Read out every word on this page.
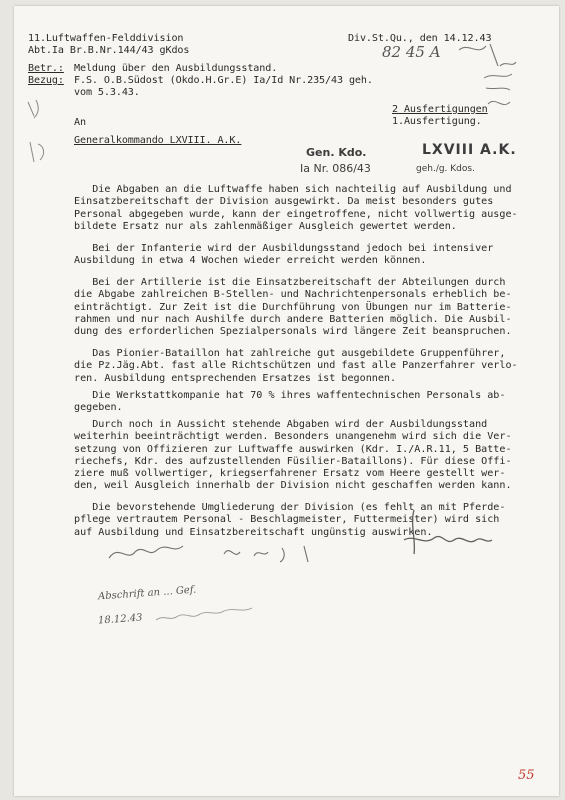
11.Luftwaffen-Felddivision
Abt.Ia Br.B.Nr.144/43 gKdos
Div.St.Qu., den 14.12.43
Betr.: Meldung über den Ausbildungsstand.
Bezug: F.S. O.B.Südost (Okdo.H.Gr.E) Ia/Id Nr.235/43 geh.
vom 5.3.43.
2 Ausfertigungen
1.Ausfertigung.
An
Generalkommando LXVIII. A.K.
Gen. Kdo.	LXVIII A.K.
Ia Nr. 086/43	geh./g. Kdos.
Die Abgaben an die Luftwaffe haben sich nachteilig auf Ausbildung und
Einsatzbereitschaft der Division ausgewirkt. Da meist besonders gutes
Personal abgegeben wurde, kann der eingetroffene, nicht vollwertig ausge-
bildete Ersatz nur als zahlenmäßiger Ausgleich gewertet werden.
Bei der Infanterie wird der Ausbildungsstand jedoch bei intensiver
Ausbildung in etwa 4 Wochen wieder erreicht werden können.
Bei der Artillerie ist die Einsatzbereitschaft der Abteilungen durch
die Abgabe zahlreichen B-Stellen- und Nachrichtenpersonals erheblich be-
einträchtigt. Zur Zeit ist die Durchführung von Übungen nur im Batterie-
rahmen und nur nach Aushilfe durch andere Batterien möglich. Die Ausbil-
dung des erforderlichen Spezialpersonals wird längere Zeit beanspruchen.
Das Pionier-Bataillon hat zahlreiche gut ausgebildete Gruppenführer,
die Pz.Jäg.Abt. fast alle Richtschützen und fast alle Panzerfahrer verlo-
ren. Ausbildung entsprechenden Ersatzes ist begonnen.
Die Werkstattkompanie hat 70 % ihres waffentechnischen Personals ab-
gegeben.
Durch noch in Aussicht stehende Abgaben wird der Ausbildungsstand
weiterhin beeinträchtigt werden. Besonders unangenehm wird sich die Ver-
setzung von Offizieren zur Luftwaffe auswirken (Kdr. I./A.R.11, 5 Batte-
riechefs, Kdr. des aufzustellenden Füsilier-Bataillons). Für diese Offi-
ziere muß vollwertiger, kriegserfahrener Ersatz vom Heere gestellt wer-
den, weil Ausgleich innerhalb der Division nicht geschaffen werden kann.
Die bevorstehende Umgliederung der Division (es fehlt an mit Pferde-
pflege vertrautem Personal - Beschlagmeister, Futtermeister) wird sich
auf Ausbildung und Einsatzbereitschaft ungünstig auswirken.
82 45 A
Abschrift an ... Gef.
18.12.43
55
